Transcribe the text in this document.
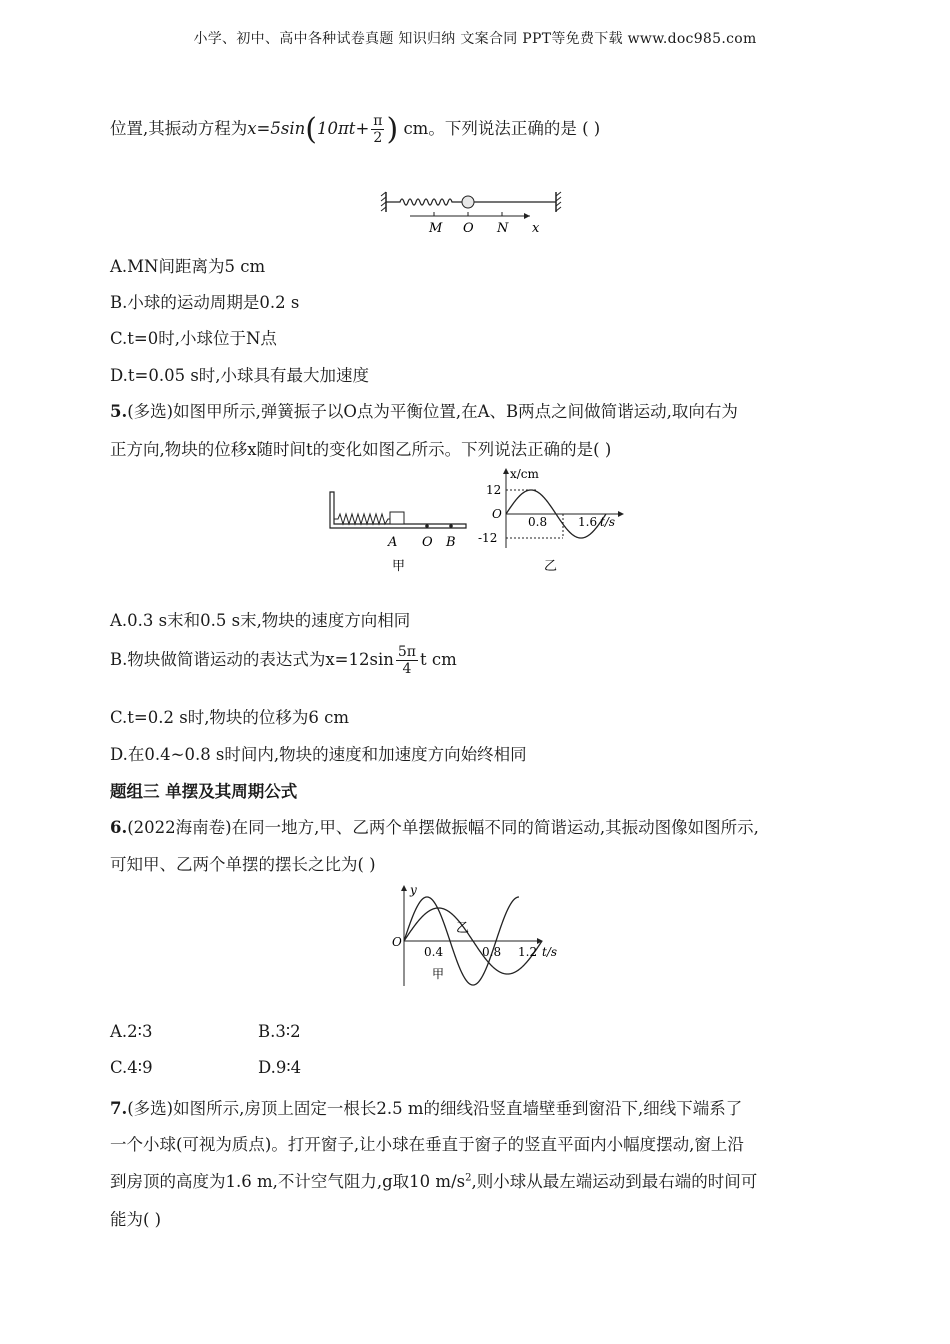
小学、初中、高中各种试卷真题 知识归纳 文案合同 PPT等免费下载 www.doc985.com
位置,其振动方程为$x=5\sin(10\pi t+ \frac{\pi}{2}$ ) cm。下列说法正确的是 ( )
M O N x
A.MN间距离为5 cm
B.小球的运动周期是0.2 s
C.t=0时,小球位于N点
D.t=0.05 s时,小球具有最大加速度
5.(多选)如图甲所示,弹簧振子以O点为平衡位置,在A、B两点之间做简谐运动,取向右为
正方向,物块的位移x随时间t的变化如图乙所示。下列说法正确的是( )
A O B
甲
x/cm
12
O
-12
0.8	1.6 t/s
乙
A.0.3 s末和0.5 s末,物块的速度方向相同
B.物块做简谐运动的表达式为$x=12\sin \frac{5\pi}{4}$ t cm
C.t=0.2 s时,物块的位移为6 cm
D.在0.4~0.8 s时间内,物块的速度和加速度方向始终相同
题组三 单摆及其周期公式
6.(2022海南卷)在同一地方,甲、乙两个单摆做振幅不同的简谐运动,其振动图像如图所示,
可知甲、乙两个单摆的摆长之比为( )
y
O
0.4	0.8 1.2 t/s
乙
甲
A.2∶3	B.3∶2
C.4∶9	D.9∶4
7.(多选)如图所示,房顶上固定一根长2.5 m的细线沿竖直墙壁垂到窗沿下,细线下端系了
一个小球(可视为质点)。打开窗子,让小球在垂直于窗子的竖直平面内小幅度摆动,窗上沿
到房顶的高度为1.6 m,不计空气阻力,g取10 $m/s^2$,则小球从最左端运动到最右端的时间可
能为( )
